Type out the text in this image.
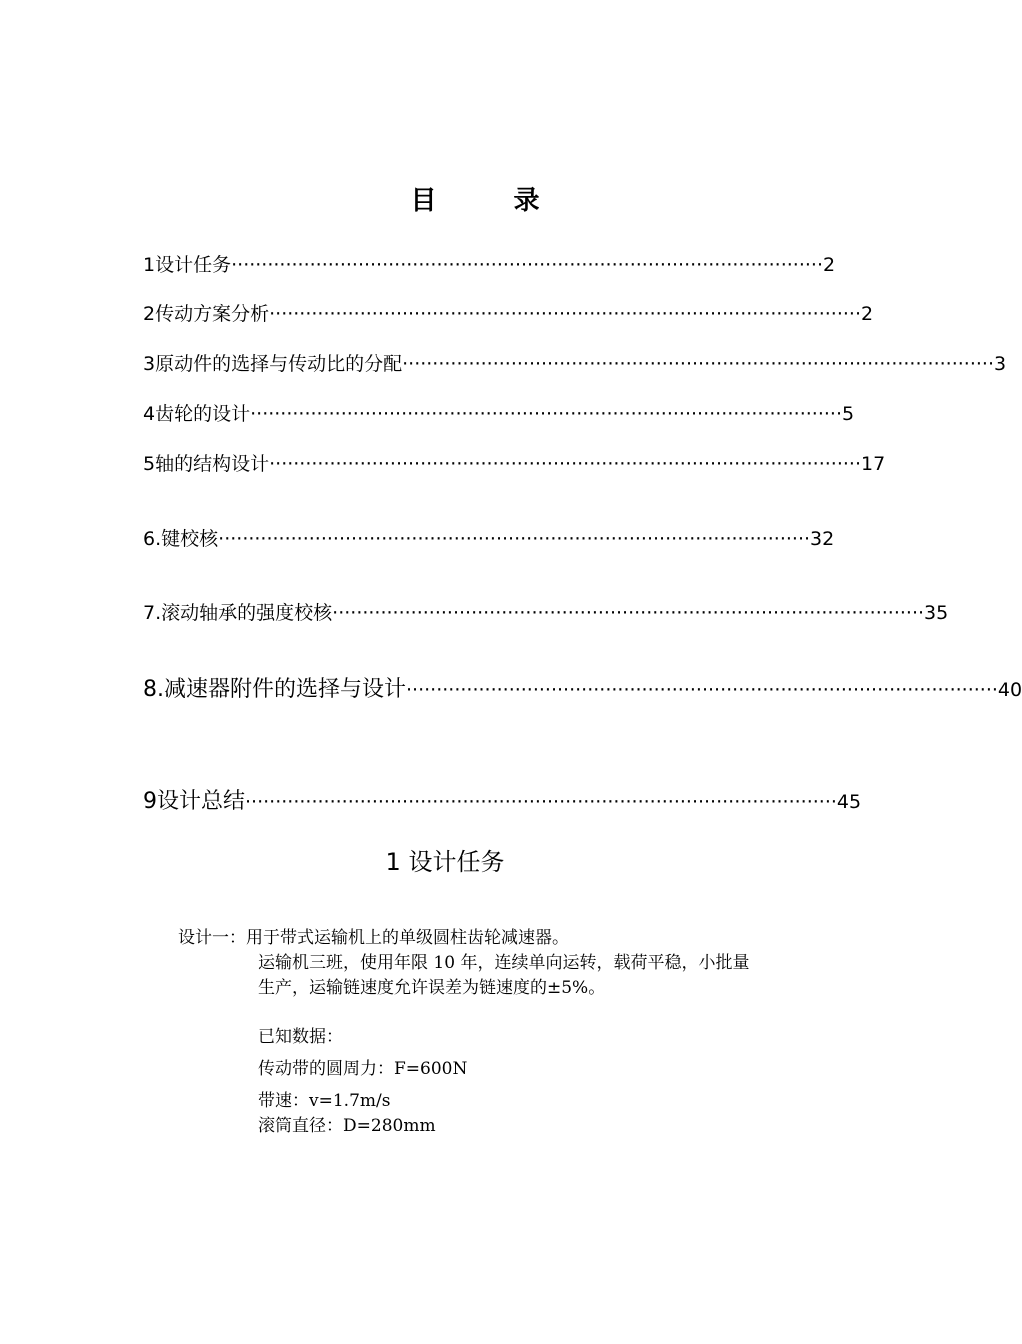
目 录
1 设计任务 ·································································································· 2
2 传动方案分析 ·································································································· 2
3 原动件的选择与传动比的分配 ·································································································· 3
4 齿轮的设计 ·································································································· 5
5 轴的结构设计 ·································································································· 17
6. 键校核 ·································································································· 32
7. 滚动轴承的强度校核 ·································································································· 35
8. 减速器附件的选择与设计 ·································································································· 40
9 设计总结 ·································································································· 45
1 设计任务
设计一：用于带式运输机上的单级圆柱齿轮减速器。
运输机三班，使用年限 10 年，连续单向运转，载荷平稳，小批量
生产，运输链速度允许误差为链速度的±5%。
已知数据：
传动带的圆周力：F=600N
带速：v=1.7m/s
滚筒直径：D=280mm
